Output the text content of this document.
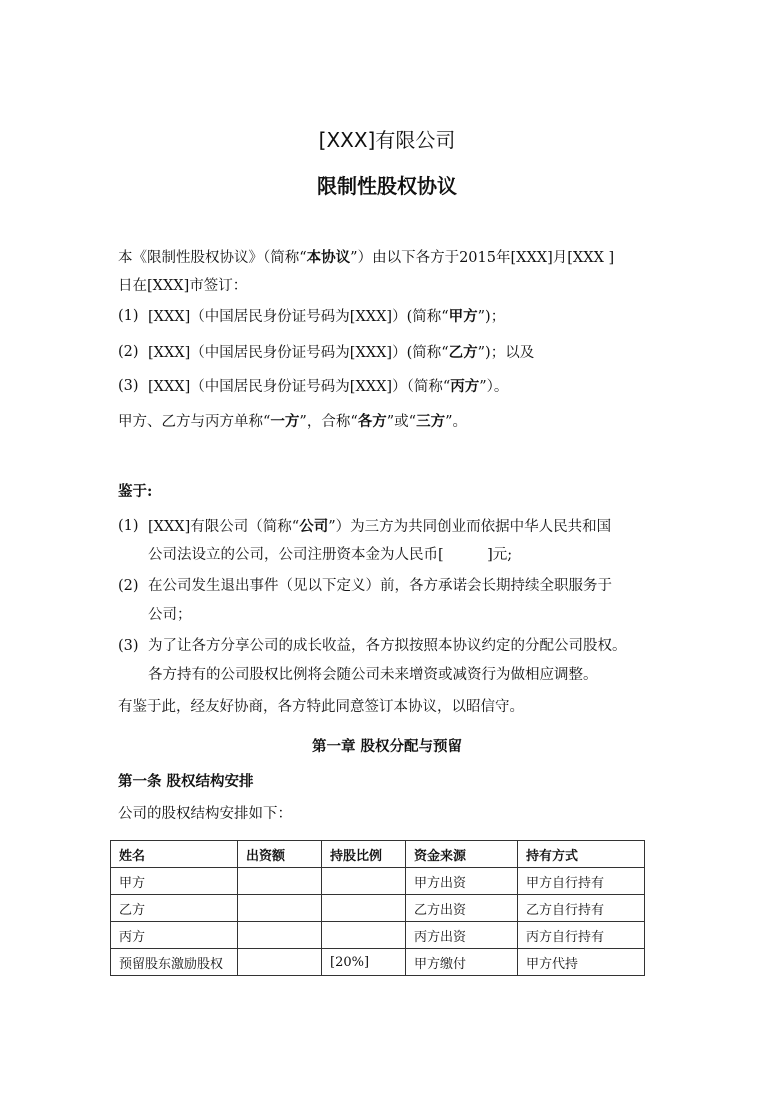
[XXX]有限公司
限制性股权协议
本《限制性股权协议》（简称“本协议”）由以下各方于2015年[XXX]月[XXX ]
日在[XXX]市签订：
(1) [XXX]（中国居民身份证号码为[XXX]）(简称“甲方”)；
(2) [XXX]（中国居民身份证号码为[XXX]）(简称“乙方”)；以及
(3) [XXX]（中国居民身份证号码为[XXX]）（简称“丙方”）。
甲方、乙方与丙方单称“一方”，合称“各方”或“三方”。
鉴于:
(1) [XXX]有限公司（简称“公司”）为三方为共同创业而依据中华人民共和国
公司法设立的公司，公司注册资本金为人民币[　　　]元;
(2) 在公司发生退出事件（见以下定义）前，各方承诺会长期持续全职服务于
公司；
(3) 为了让各方分享公司的成长收益，各方拟按照本协议约定的分配公司股权。
各方持有的公司股权比例将会随公司未来增资或减资行为做相应调整。
有鉴于此，经友好协商，各方特此同意签订本协议，以昭信守。
第一章 股权分配与预留
第一条 股权结构安排
公司的股权结构安排如下：
姓名	出资额	持股比例	资金来源	持有方式
甲方			甲方出资	甲方自行持有
乙方			乙方出资	乙方自行持有
丙方			丙方出资	丙方自行持有
预留股东激励股权		[20%]	甲方缴付	甲方代持
